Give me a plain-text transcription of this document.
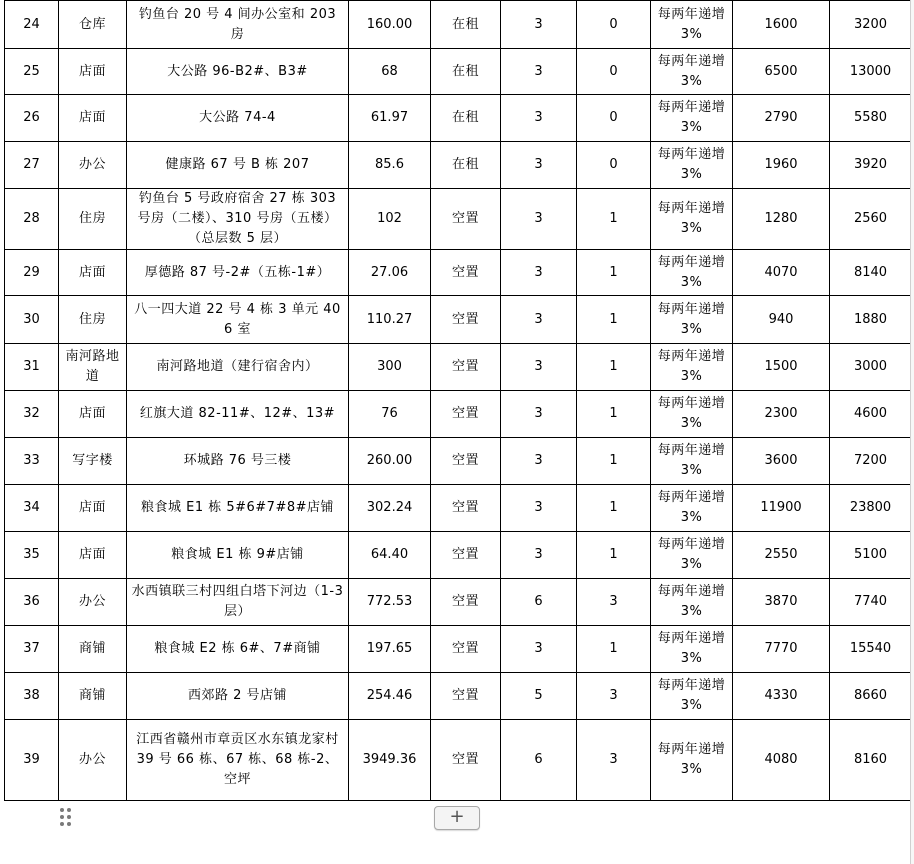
24	仓库	钓鱼台 20 号 4 间办公室和 203 房	160.00	在租	3	0	每两年递增 3%	1600	3200
25	店面	大公路 96-B2#、B3#	68	在租	3	0	每两年递增 3%	6500	13000
26	店面	大公路 74-4	61.97	在租	3	0	每两年递增 3%	2790	5580
27	办公	健康路 67 号 B 栋 207	85.6	在租	3	0	每两年递增 3%	1960	3920
28	住房	钓鱼台 5 号政府宿舍 27 栋 303 号房（二楼）、310 号房（五楼）（总层数 5 层）	102	空置	3	1	每两年递增 3%	1280	2560
29	店面	厚德路 87 号-2#（五栋-1#）	27.06	空置	3	1	每两年递增 3%	4070	8140
30	住房	八一四大道 22 号 4 栋 3 单元 406 室	110.27	空置	3	1	每两年递增 3%	940	1880
31	南河路地道	南河路地道（建行宿舍内）	300	空置	3	1	每两年递增 3%	1500	3000
32	店面	红旗大道 82-11#、12#、13#	76	空置	3	1	每两年递增 3%	2300	4600
33	写字楼	环城路 76 号三楼	260.00	空置	3	1	每两年递增 3%	3600	7200
34	店面	粮食城 E1 栋 5#6#7#8#店铺	302.24	空置	3	1	每两年递增 3%	11900	23800
35	店面	粮食城 E1 栋 9#店铺	64.40	空置	3	1	每两年递增 3%	2550	5100
36	办公	水西镇联三村四组白塔下河边（1-3 层）	772.53	空置	6	3	每两年递增 3%	3870	7740
37	商铺	粮食城 E2 栋 6#、7#商铺	197.65	空置	3	1	每两年递增 3%	7770	15540
38	商铺	西郊路 2 号店铺	254.46	空置	5	3	每两年递增 3%	4330	8660
39	办公	江西省赣州市章贡区水东镇龙家村 39 号 66 栋、67 栋、68 栋-2、空坪	3949.36	空置	6	3	每两年递增 3%	4080	8160
+
